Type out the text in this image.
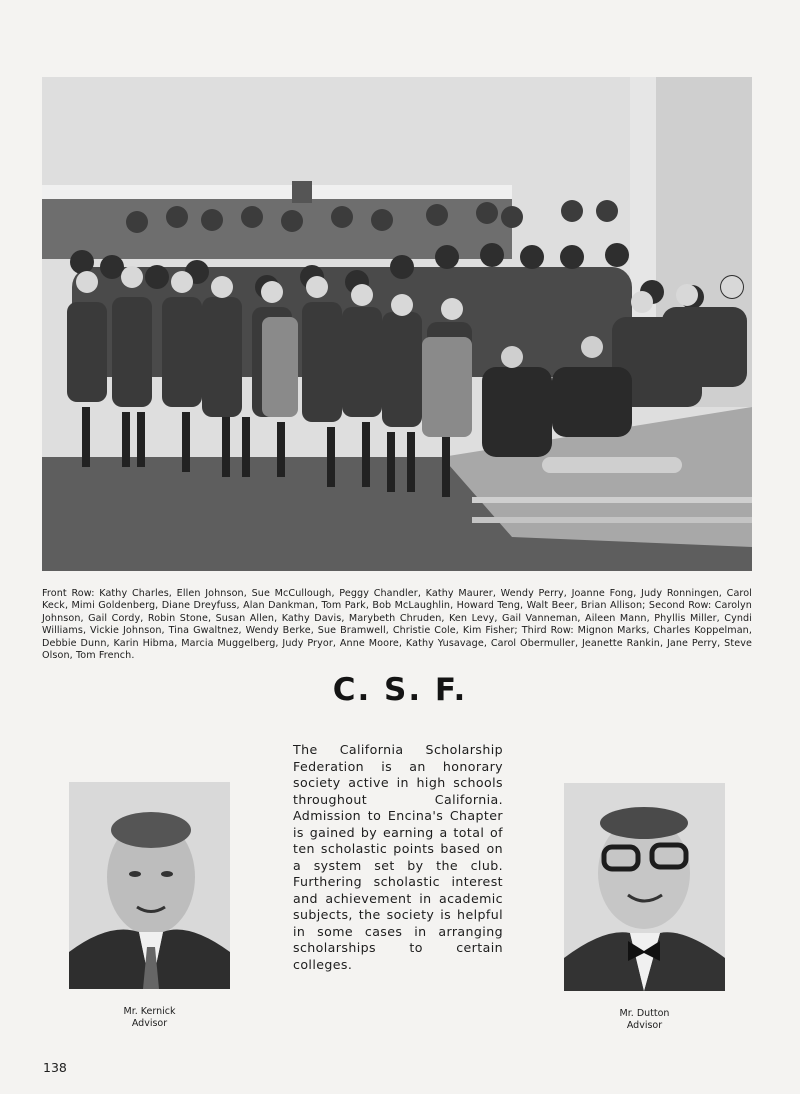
Front Row: Kathy Charles, Ellen Johnson, Sue McCullough, Peggy Chandler, Kathy Maurer, Wendy Perry, Joanne Fong, Judy Ronningen, Carol Keck, Mimi Goldenberg, Diane Dreyfuss, Alan Dankman, Tom Park, Bob McLaughlin, Howard Teng, Walt Beer, Brian Allison; Second Row: Carolyn Johnson, Gail Cordy, Robin Stone, Susan Allen, Kathy Davis, Marybeth Chruden, Ken Levy, Gail Vanneman, Aileen Mann, Phyllis Miller, Cyndi Williams, Vickie Johnson, Tina Gwaltnez, Wendy Berke, Sue Bramwell, Christie Cole, Kim Fisher; Third Row: Mignon Marks, Charles Koppelman, Debbie Dunn, Karin Hibma, Marcia Muggelberg, Judy Pryor, Anne Moore, Kathy Yusavage, Carol Obermuller, Jeanette Rankin, Jane Perry, Steve Olson, Tom French.
C. S. F.
The California Scholarship Federation is an honorary society active in high schools throughout California. Admission to Encina's Chapter is gained by earning a total of ten scholastic points based on a system set by the club. Furthering scholastic interest and achievement in academic subjects, the society is helpful in some cases in arranging scholarships to certain colleges.
Mr. Kernick
Advisor
Mr. Dutton
Advisor
138
